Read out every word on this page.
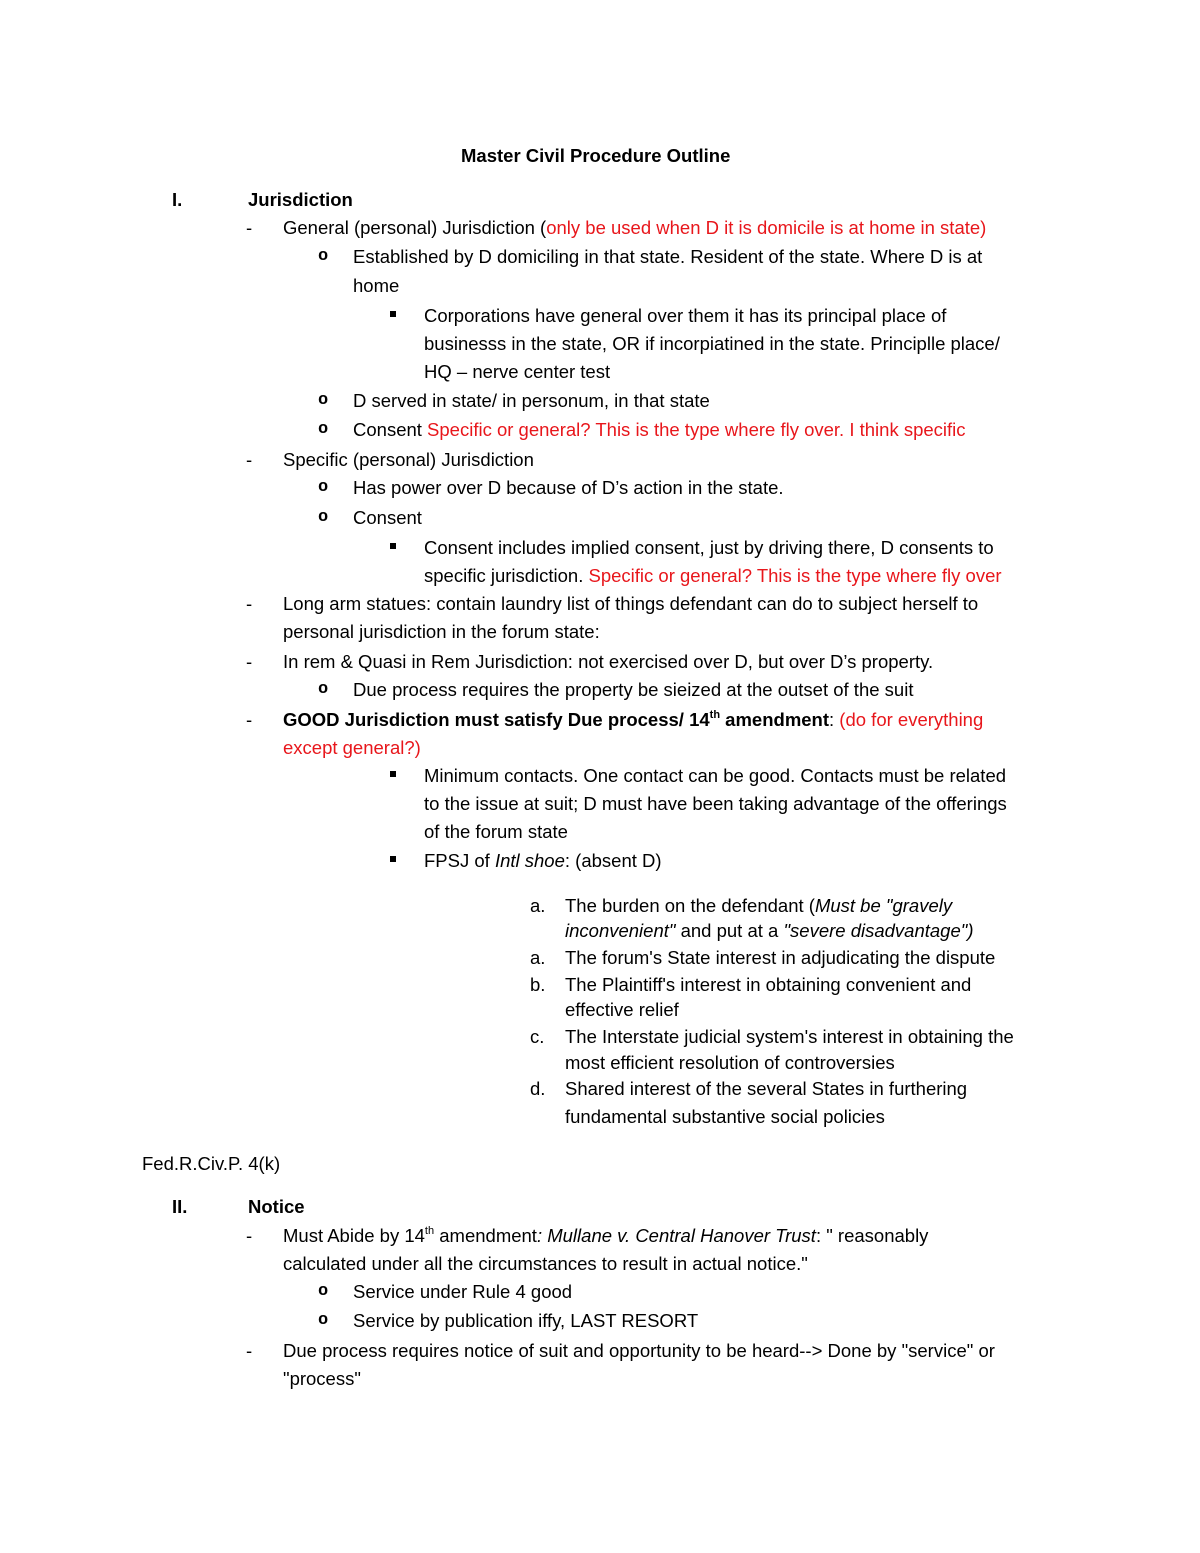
Master Civil Procedure Outline
I.	Jurisdiction
- General (personal) Jurisdiction (only be used when D it is domicile is at home in state)
o Established by D domiciling in that state. Resident of the state. Where D is at
home
Corporations have general over them it has its principal place of
businesss in the state, OR if incorpiatined in the state. Principlle place/
HQ – nerve center test
o D served in state/ in personum, in that state
o Consent Specific or general? This is the type where fly over. I think specific
- Specific (personal) Jurisdiction
o Has power over D because of D’s action in the state.
o Consent
Consent includes implied consent, just by driving there, D consents to
specific jurisdiction. Specific or general? This is the type where fly over
- Long arm statues: contain laundry list of things defendant can do to subject herself to
personal jurisdiction in the forum state:
- In rem & Quasi in Rem Jurisdiction: not exercised over D, but over D’s property.
o Due process requires the property be sieized at the outset of the suit
- GOOD Jurisdiction must satisfy Due process/ 14th amendment: (do for everything
except general?)
Minimum contacts. One contact can be good. Contacts must be related
to the issue at suit; D must have been taking advantage of the offerings
of the forum state
FPSJ of Intl shoe: (absent D)
a. The burden on the defendant (Must be "gravely
inconvenient" and put at a "severe disadvantage")
a. The forum's State interest in adjudicating the dispute
b. The Plaintiff's interest in obtaining convenient and
effective relief
c. The Interstate judicial system's interest in obtaining the
most efficient resolution of controversies
d. Shared interest of the several States in furthering
fundamental substantive social policies
Fed.R.Civ.P. 4(k)
II.	Notice
- Must Abide by 14th amendment: Mullane v. Central Hanover Trust: " reasonably
calculated under all the circumstances to result in actual notice."
o Service under Rule 4 good
o Service by publication iffy, LAST RESORT
- Due process requires notice of suit and opportunity to be heard--> Done by "service" or
"process"
